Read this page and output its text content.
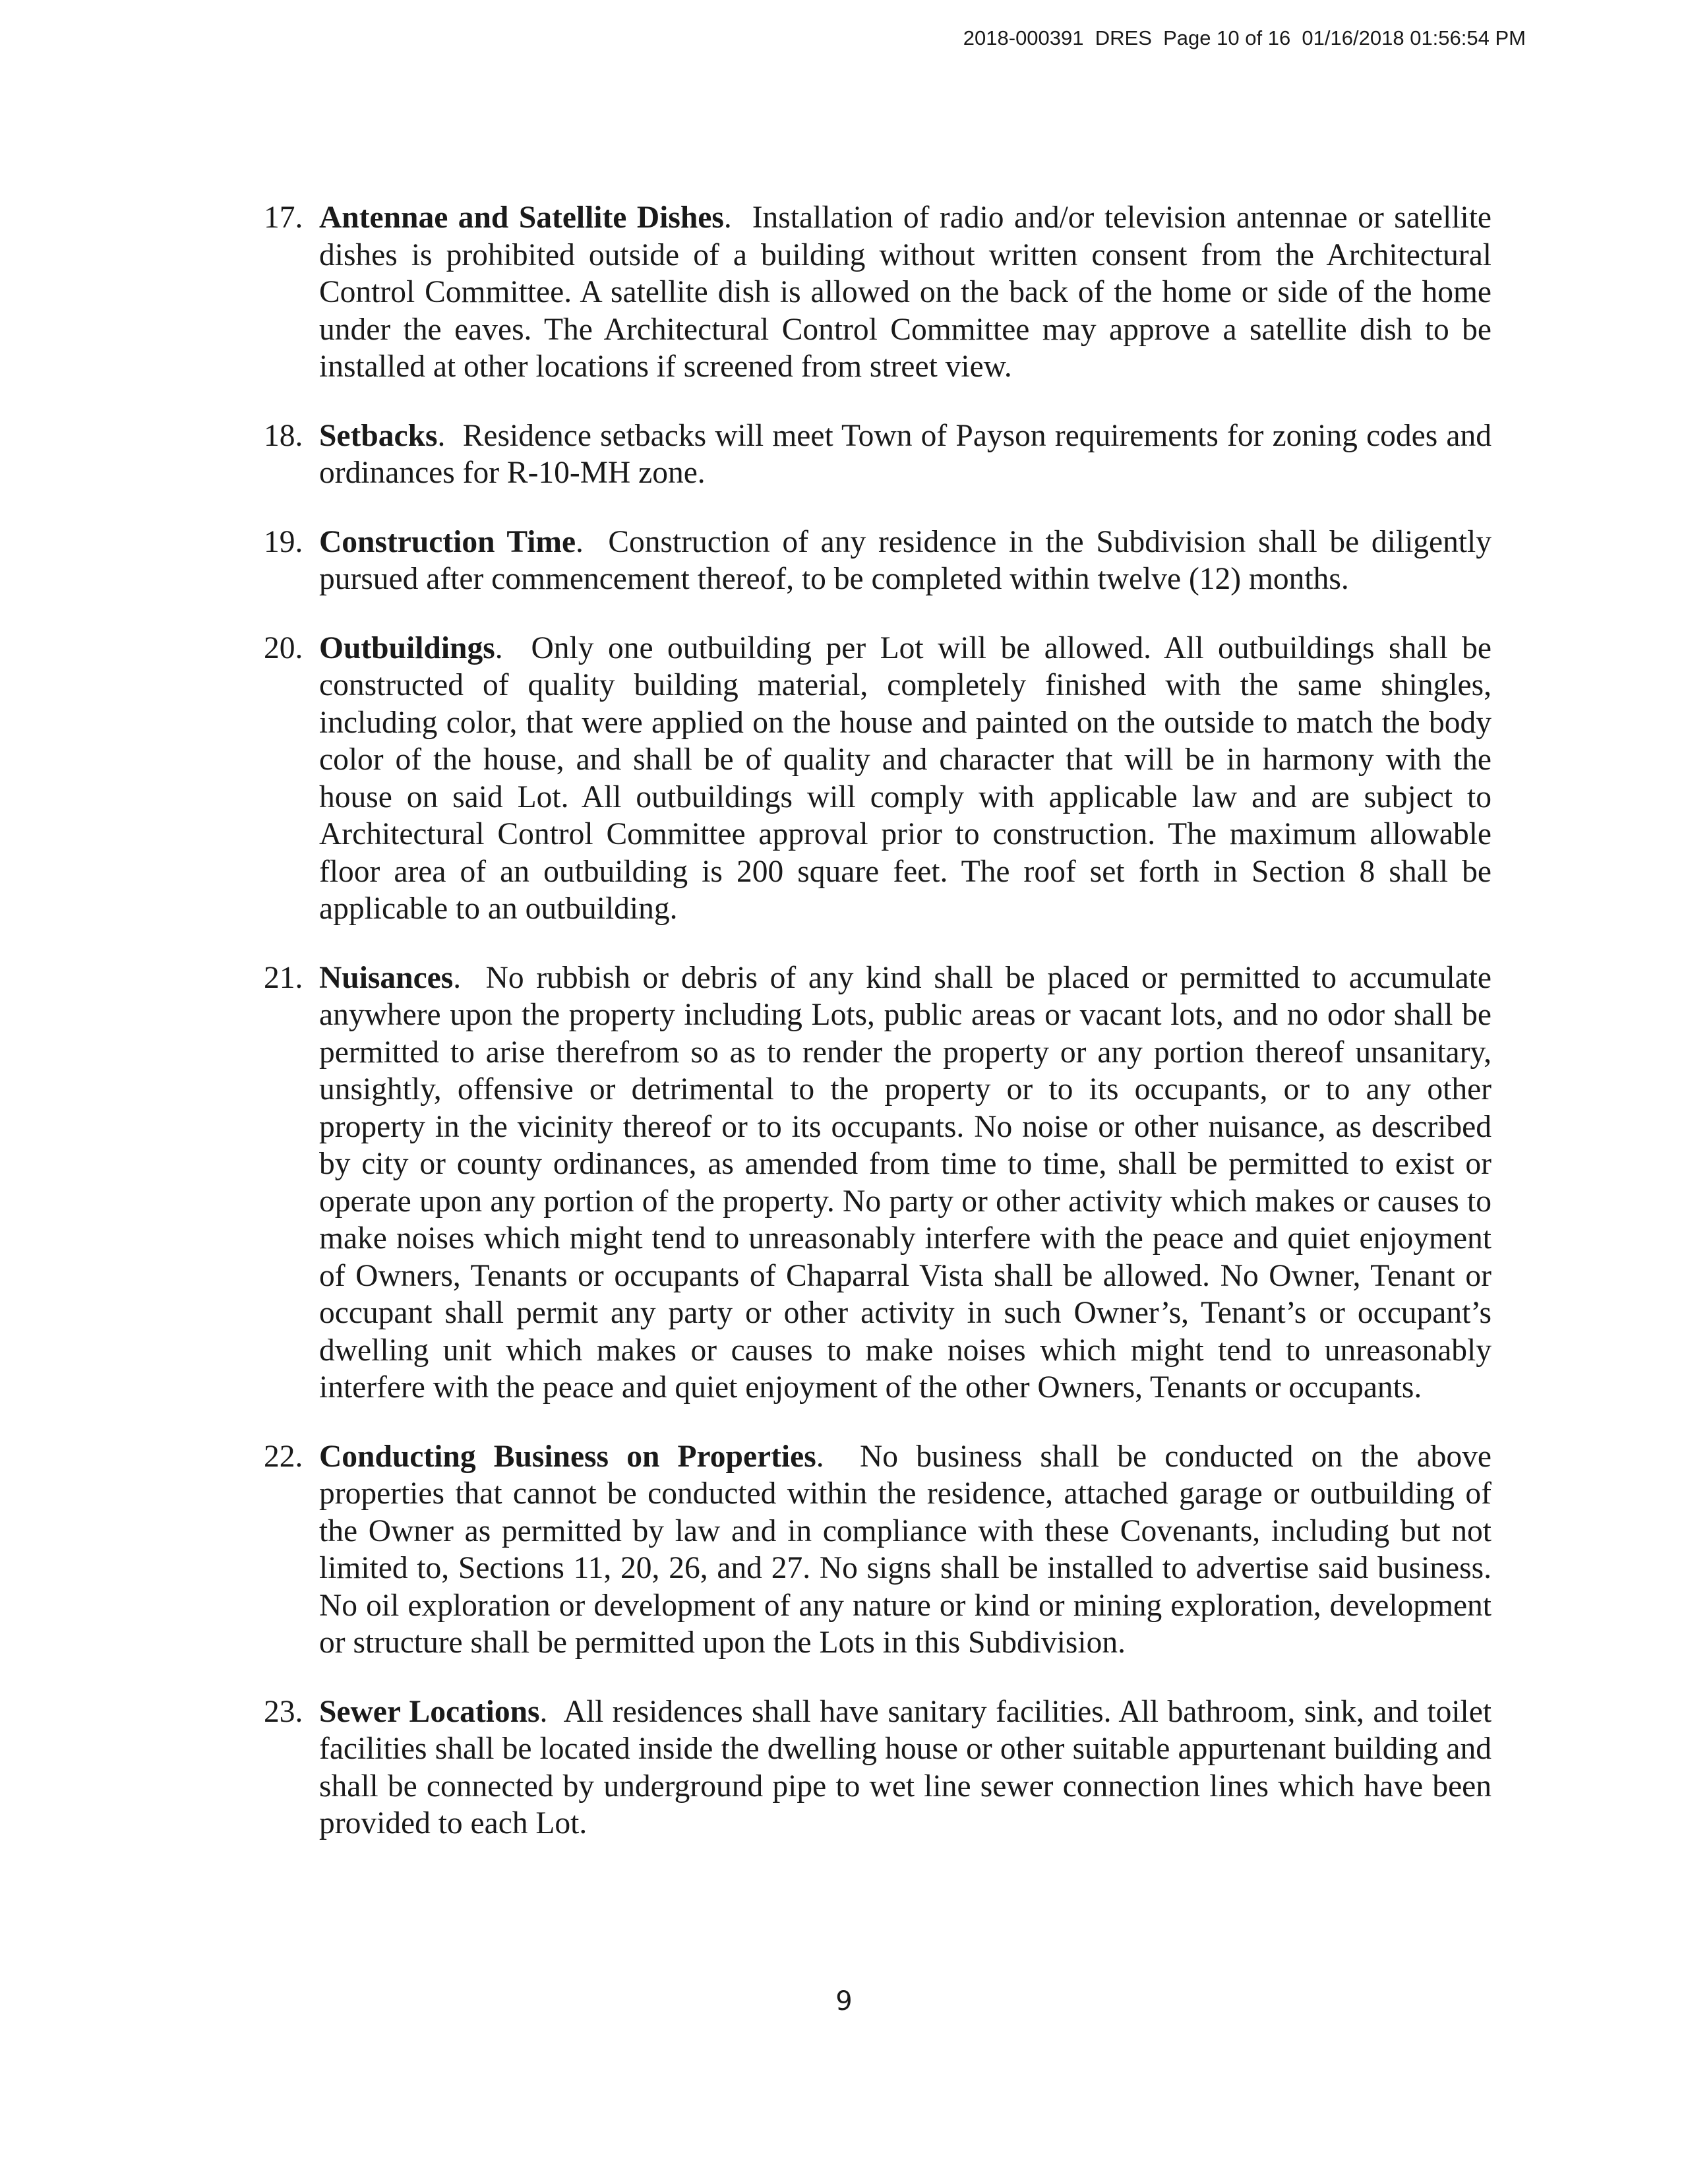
2018-000391 DRES Page 10 of 16 01/16/2018 01:56:54 PM
17. Antennae and Satellite Dishes.  Installation of radio and/or television antennae or satellite dishes is prohibited outside of a building without written consent from the Architectural Control Committee. A satellite dish is allowed on the back of the home or side of the home under the eaves. The Architectural Control Committee may approve a satellite dish to be installed at other locations if screened from street view.
18. Setbacks.  Residence setbacks will meet Town of Payson requirements for zoning codes and ordinances for R-10-MH zone.
19. Construction Time.  Construction of any residence in the Subdivision shall be diligently pursued after commencement thereof, to be completed within twelve (12) months.
20. Outbuildings.  Only one outbuilding per Lot will be allowed. All outbuildings shall be constructed of quality building material, completely finished with the same shingles, including color, that were applied on the house and painted on the outside to match the body color of the house, and shall be of quality and character that will be in harmony with the house on said Lot. All outbuildings will comply with applicable law and are subject to Architectural Control Committee approval prior to construction. The maximum allowable floor area of an outbuilding is 200 square feet. The roof set forth in Section 8 shall be applicable to an outbuilding.
21. Nuisances.  No rubbish or debris of any kind shall be placed or permitted to accumulate anywhere upon the property including Lots, public areas or vacant lots, and no odor shall be permitted to arise therefrom so as to render the property or any portion thereof unsanitary, unsightly, offensive or detrimental to the property or to its occupants, or to any other property in the vicinity thereof or to its occupants. No noise or other nuisance, as described by city or county ordinances, as amended from time to time, shall be permitted to exist or operate upon any portion of the property. No party or other activity which makes or causes to make noises which might tend to unreasonably interfere with the peace and quiet enjoyment of Owners, Tenants or occupants of Chaparral Vista shall be allowed. No Owner, Tenant or occupant shall permit any party or other activity in such Owner’s, Tenant’s or occupant’s dwelling unit which makes or causes to make noises which might tend to unreasonably interfere with the peace and quiet enjoyment of the other Owners, Tenants or occupants.
22. Conducting Business on Properties.  No business shall be conducted on the above properties that cannot be conducted within the residence, attached garage or outbuilding of the Owner as permitted by law and in compliance with these Covenants, including but not limited to, Sections 11, 20, 26, and 27. No signs shall be installed to advertise said business. No oil exploration or development of any nature or kind or mining exploration, development or structure shall be permitted upon the Lots in this Subdivision.
23. Sewer Locations.  All residences shall have sanitary facilities. All bathroom, sink, and toilet facilities shall be located inside the dwelling house or other suitable appurtenant building and shall be connected by underground pipe to wet line sewer connection lines which have been provided to each Lot.
9
